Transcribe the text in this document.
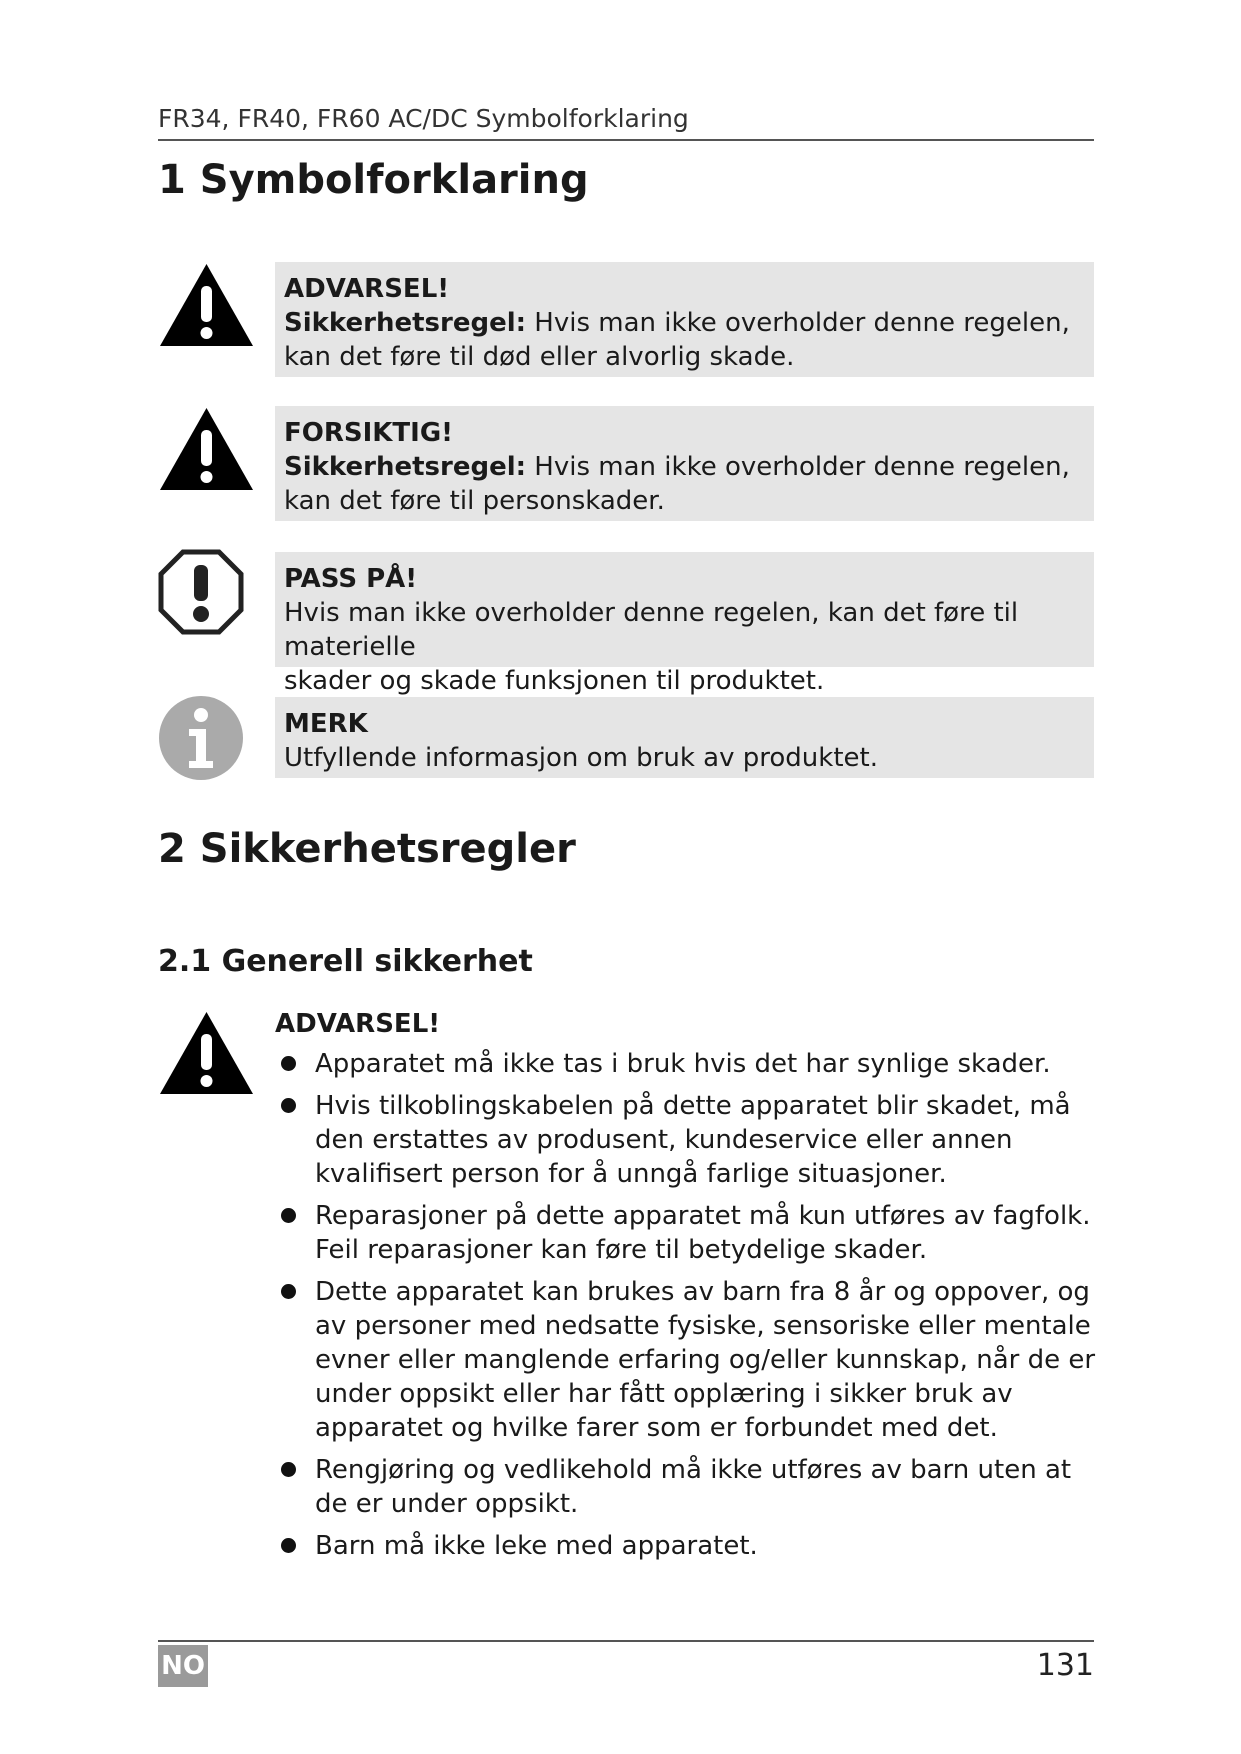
FR34, FR40, FR60 AC/DC Symbolforklaring
1 Symbolforklaring
ADVARSEL!
Sikkerhetsregel: Hvis man ikke overholder denne regelen,
kan det føre til død eller alvorlig skade.
FORSIKTIG!
Sikkerhetsregel: Hvis man ikke overholder denne regelen,
kan det føre til personskader.
PASS PÅ!
Hvis man ikke overholder denne regelen, kan det føre til materielle
skader og skade funksjonen til produktet.
MERK
Utfyllende informasjon om bruk av produktet.
2 Sikkerhetsregler
2.1 Generell sikkerhet
ADVARSEL!
Apparatet må ikke tas i bruk hvis det har synlige skader.
Hvis tilkoblingskabelen på dette apparatet blir skadet, må den erstattes av produsent, kundeservice eller annen kvalifisert person for å unngå farlige situasjoner.
Reparasjoner på dette apparatet må kun utføres av fagfolk. Feil reparasjoner kan føre til betydelige skader.
Dette apparatet kan brukes av barn fra 8 år og oppover, og av personer med nedsatte fysiske, sensoriske eller mentale evner eller manglende erfaring og/eller kunnskap, når de er under oppsikt eller har fått opplæring i sikker bruk av apparatet og hvilke farer som er forbundet med det.
Rengjøring og vedlikehold må ikke utføres av barn uten at de er under oppsikt.
Barn må ikke leke med apparatet.
NO	131
